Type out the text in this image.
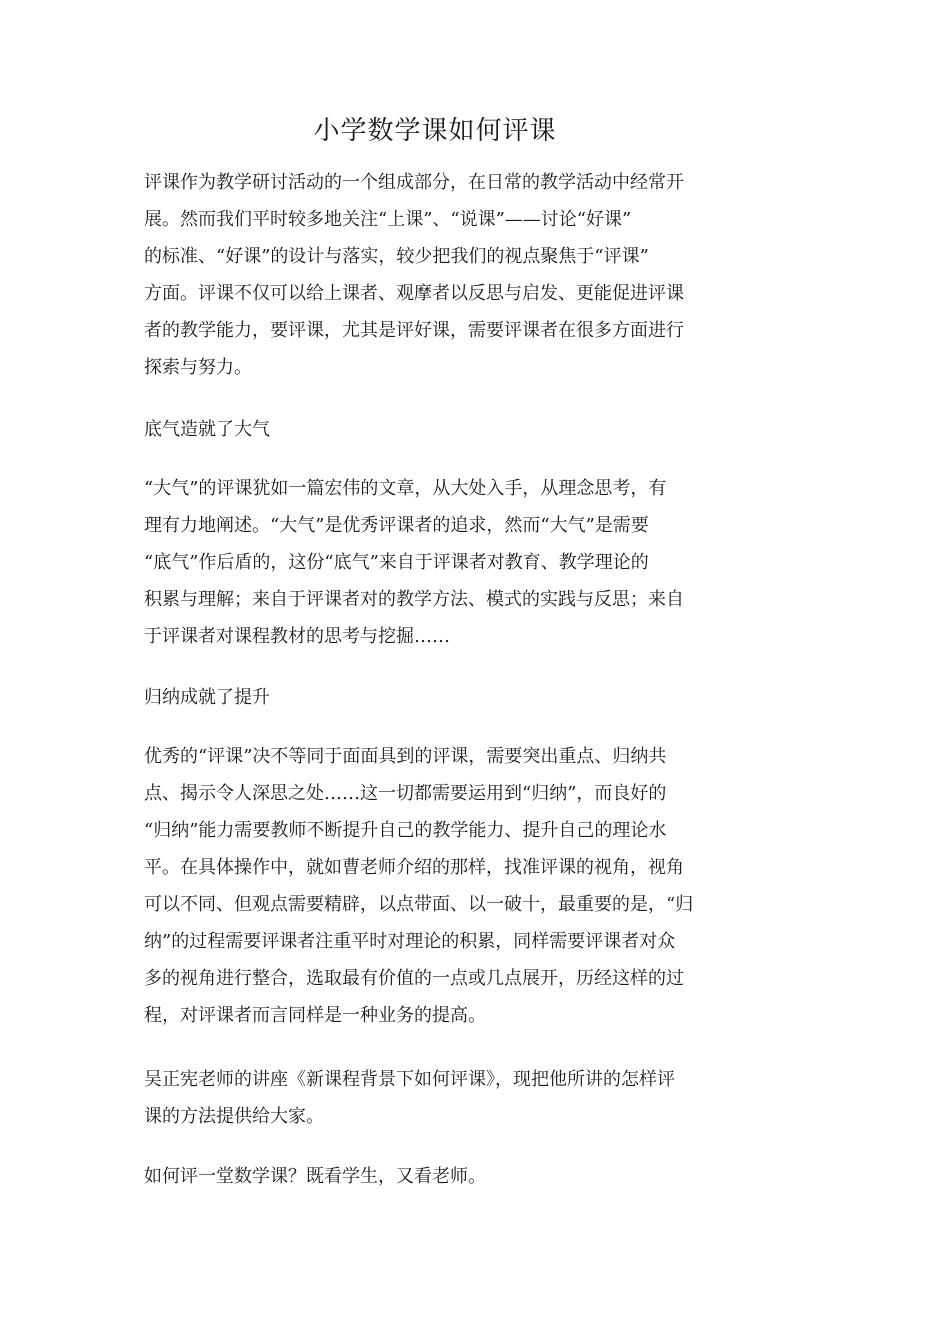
小学数学课如何评课
评课作为教学研讨活动的一个组成部分，在日常的教学活动中经常开
展。然而我们平时较多地关注“上课”、“说课”——讨论“好课”
的标准、“好课”的设计与落实，较少把我们的视点聚焦于“评课”
方面。评课不仅可以给上课者、观摩者以反思与启发、更能促进评课
者的教学能力，要评课，尤其是评好课，需要评课者在很多方面进行
探索与努力。
底气造就了大气
“大气”的评课犹如一篇宏伟的文章，从大处入手，从理念思考，有
理有力地阐述。“大气”是优秀评课者的追求，然而“大气”是需要
“底气”作后盾的，这份“底气”来自于评课者对教育、教学理论的
积累与理解；来自于评课者对的教学方法、模式的实践与反思；来自
于评课者对课程教材的思考与挖掘……
归纳成就了提升
优秀的“评课”决不等同于面面具到的评课，需要突出重点、归纳共
点、揭示令人深思之处……这一切都需要运用到“归纳”，而良好的
“归纳”能力需要教师不断提升自己的教学能力、提升自己的理论水
平。在具体操作中，就如曹老师介绍的那样，找准评课的视角，视角
可以不同、但观点需要精辟，以点带面、以一破十，最重要的是，“归
纳”的过程需要评课者注重平时对理论的积累，同样需要评课者对众
多的视角进行整合，选取最有价值的一点或几点展开，历经这样的过
程，对评课者而言同样是一种业务的提高。
吴正宪老师的讲座《新课程背景下如何评课》，现把他所讲的怎样评
课的方法提供给大家。
如何评一堂数学课？既看学生，又看老师。
